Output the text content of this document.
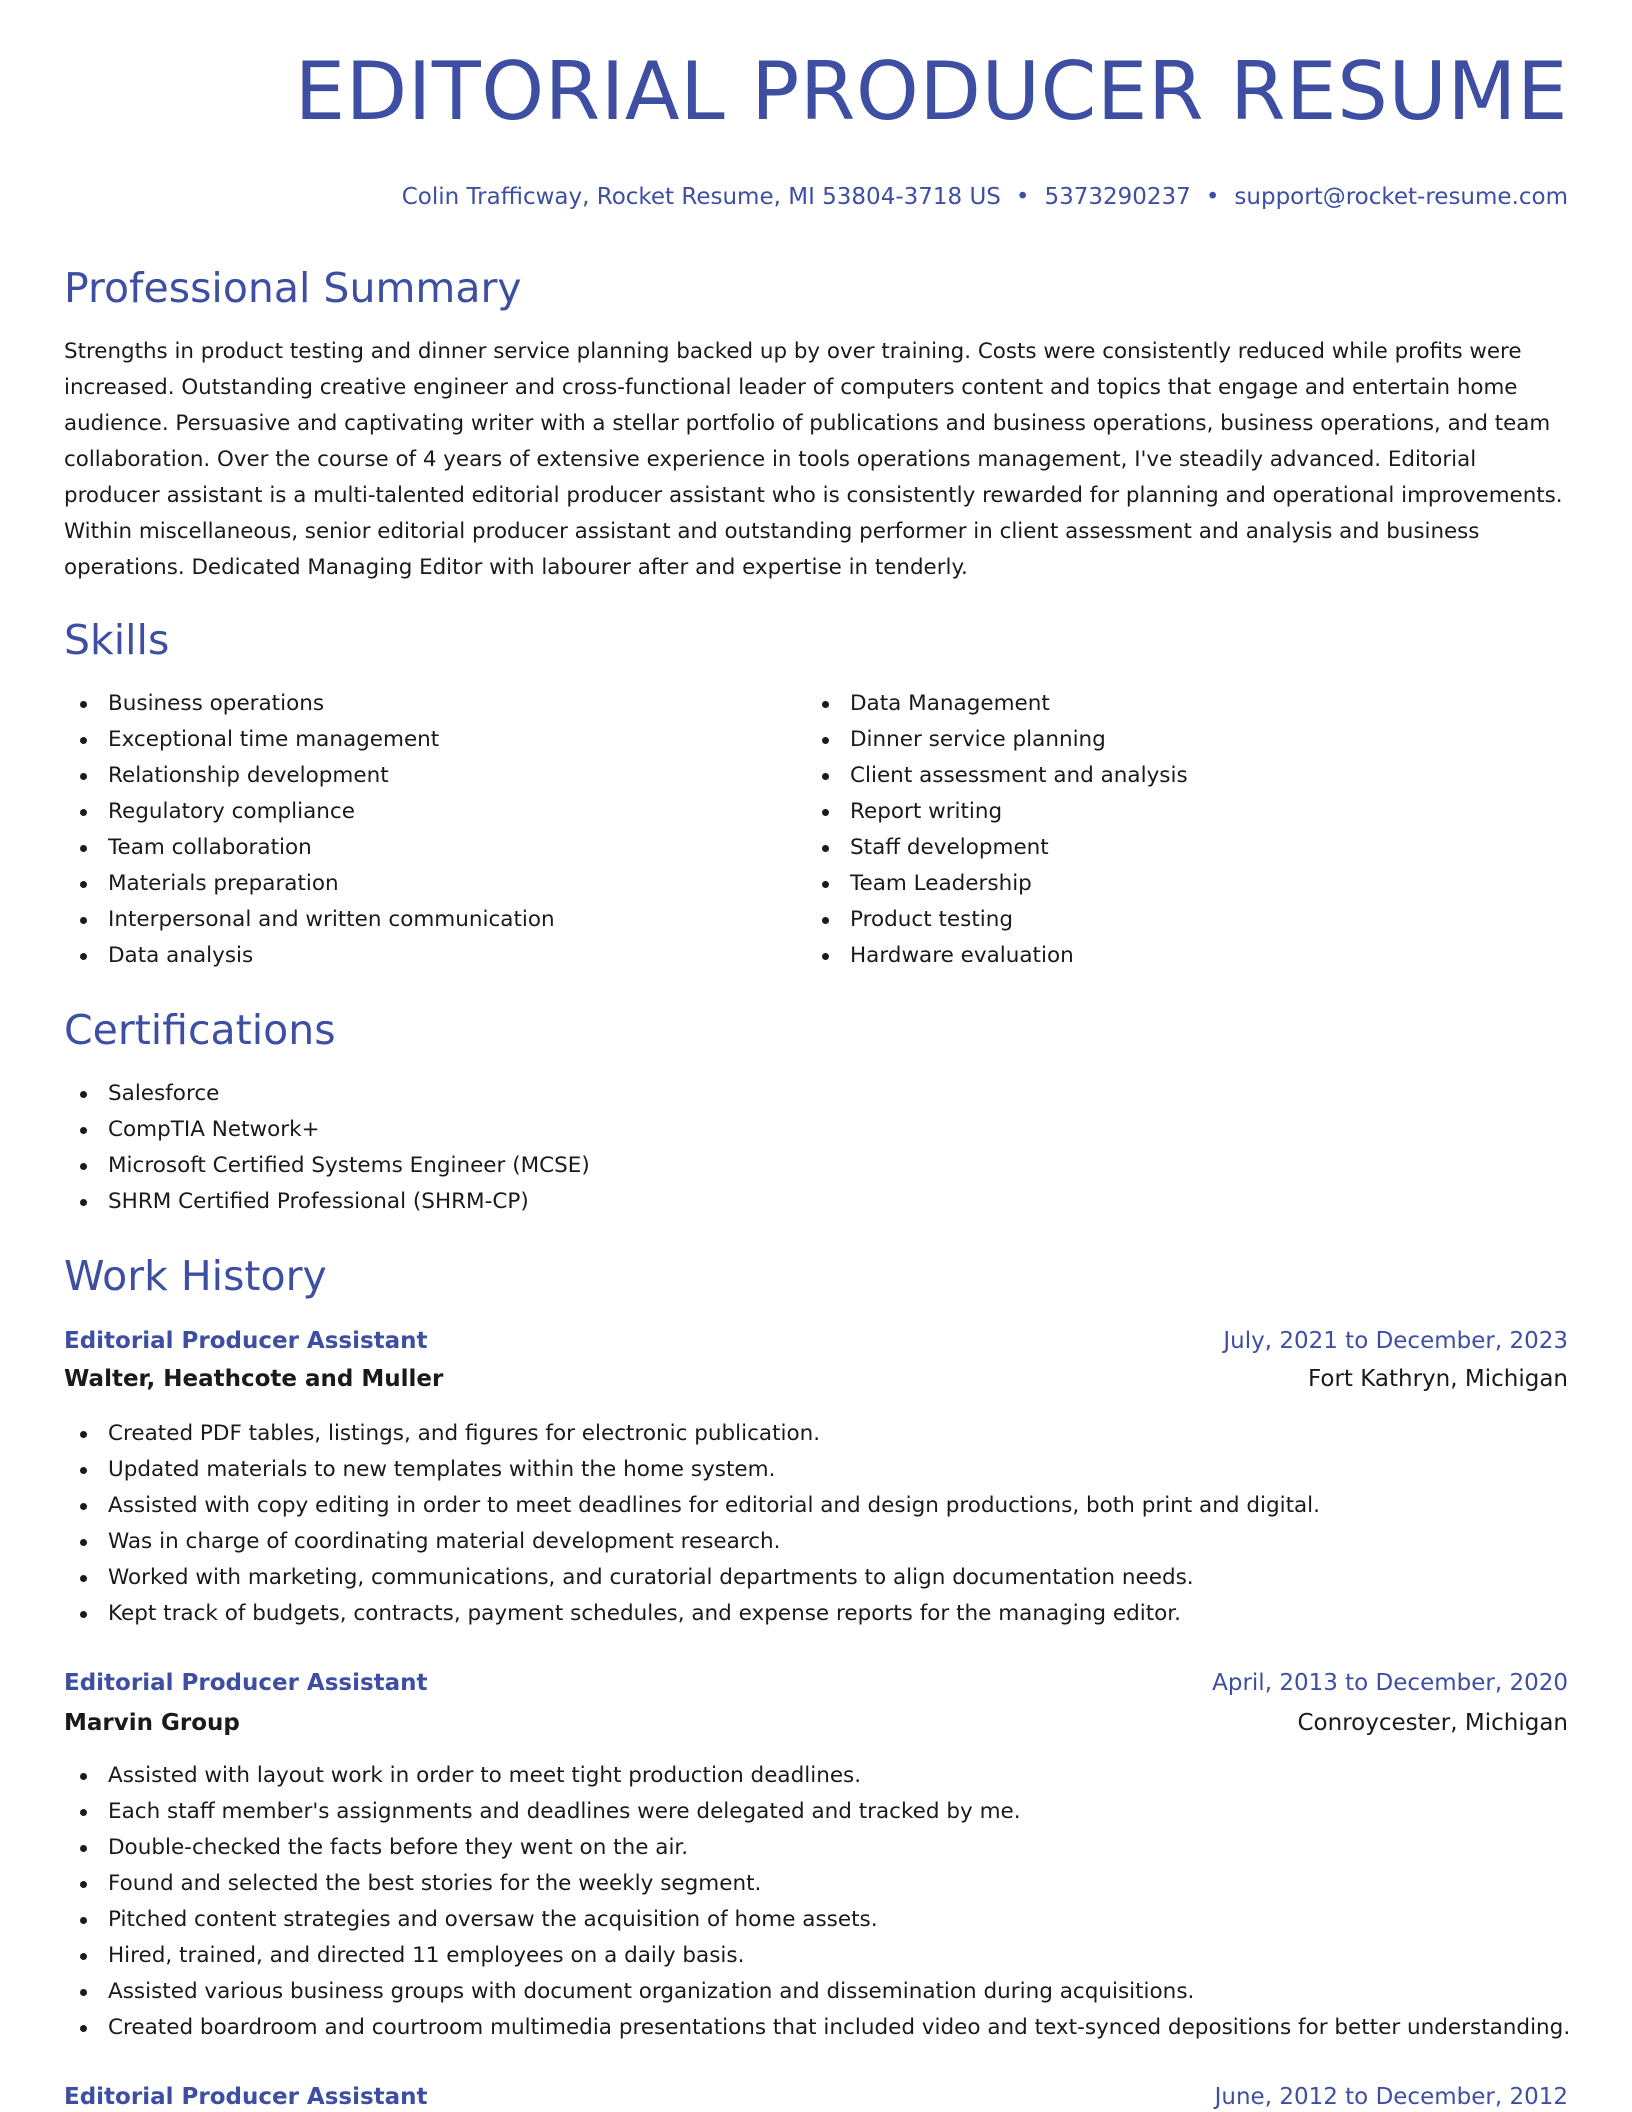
EDITORIAL PRODUCER RESUME
Colin Trafficway, Rocket Resume, MI 53804-3718 US • 5373290237 • support@rocket-resume.com
Professional Summary

Strengths in product testing and dinner service planning backed up by over training. Costs were consistently reduced while profits were increased. Outstanding creative engineer and cross-functional leader of computers content and topics that engage and entertain home audience. Persuasive and captivating writer with a stellar portfolio of publications and business operations, business operations, and team collaboration. Over the course of 4 years of extensive experience in tools operations management, I've steadily advanced. Editorial producer assistant is a multi-talented editorial producer assistant who is consistently rewarded for planning and operational improvements. Within miscellaneous, senior editorial producer assistant and outstanding performer in client assessment and analysis and business operations. Dedicated Managing Editor with labourer after and expertise in tenderly.

Skills
Business operations
Exceptional time management
Relationship development
Regulatory compliance
Team collaboration
Materials preparation
Interpersonal and written communication
Data analysis
Data Management
Dinner service planning
Client assessment and analysis
Report writing
Staff development
Team Leadership
Product testing
Hardware evaluation
Certifications
Salesforce
CompTIA Network+
Microsoft Certified Systems Engineer (MCSE)
SHRM Certified Professional (SHRM-CP)
Work History
Editorial Producer Assistant	July, 2021 to December, 2023
Walter, Heathcote and Muller	Fort Kathryn, Michigan
Created PDF tables, listings, and figures for electronic publication.
Updated materials to new templates within the home system.
Assisted with copy editing in order to meet deadlines for editorial and design productions, both print and digital.
Was in charge of coordinating material development research.
Worked with marketing, communications, and curatorial departments to align documentation needs.
Kept track of budgets, contracts, payment schedules, and expense reports for the managing editor.
Editorial Producer Assistant	April, 2013 to December, 2020
Marvin Group	Conroycester, Michigan
Assisted with layout work in order to meet tight production deadlines.
Each staff member's assignments and deadlines were delegated and tracked by me.
Double-checked the facts before they went on the air.
Found and selected the best stories for the weekly segment.
Pitched content strategies and oversaw the acquisition of home assets.
Hired, trained, and directed 11 employees on a daily basis.
Assisted various business groups with document organization and dissemination during acquisitions.
Created boardroom and courtroom multimedia presentations that included video and text-synced depositions for better understanding.
Editorial Producer Assistant	June, 2012 to December, 2012
